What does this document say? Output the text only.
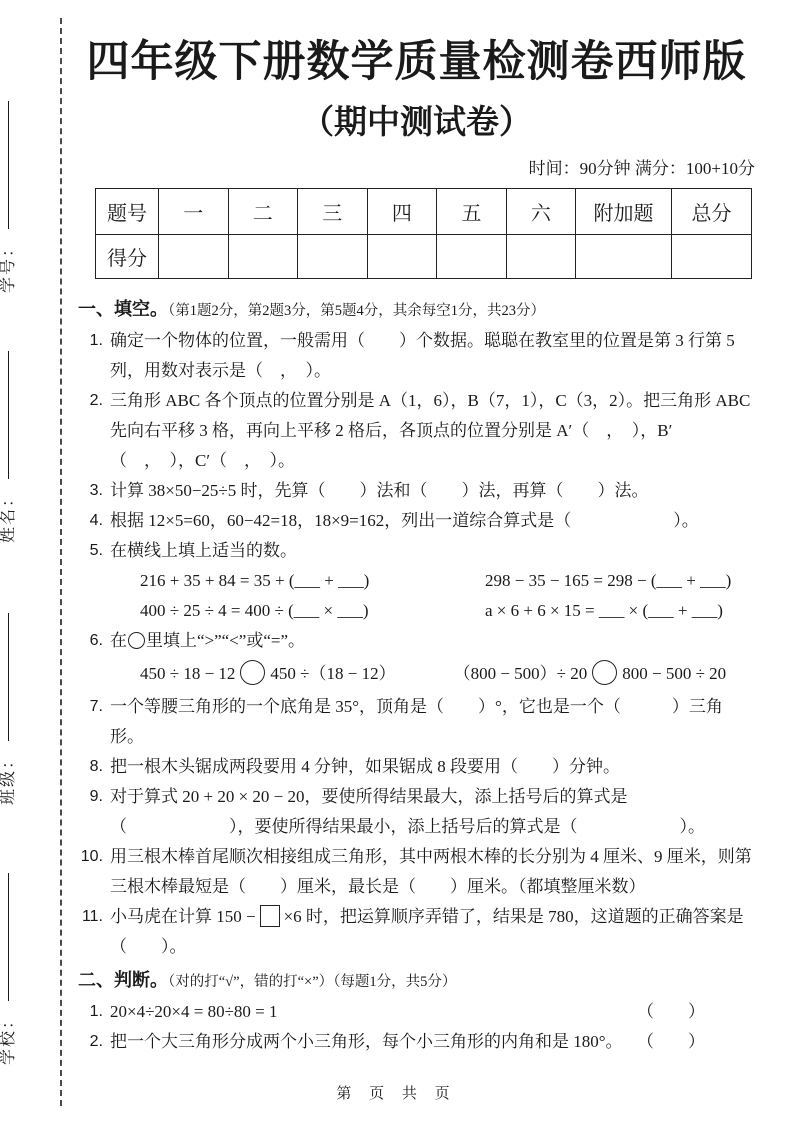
学号：
姓名：
班级：
学校：
四年级下册数学质量检测卷西师版
（期中测试卷）
时间：90分钟 满分：100+10分
题号	一	二	三	四	五	六	附加题	总分
得分								
一、填空。（第1题2分，第2题3分，第5题4分，其余每空1分，共23分）
1. 确定一个物体的位置，一般需用（　　）个数据。聪聪在教室里的位置是第 3 行第 5 列，用数对表示是（　，　）。
2. 三角形 ABC 各个顶点的位置分别是 A（1，6），B（7，1），C（3，2）。把三角形 ABC 先向右平移 3 格，再向上平移 2 格后，各顶点的位置分别是 A′（　，　），B′（　，　），C′（　，　）。
3. 计算 38×50−25÷5 时，先算（　　）法和（　　）法，再算（　　）法。
4. 根据 12×5=60，60−42=18，18×9=162，列出一道综合算式是（　　　　　　）。
5. 在横线上填上适当的数。
216 + 35 + 84 = 35 + (___ + ___)	298 − 35 − 165 = 298 − (___ + ___)
400 ÷ 25 ÷ 4 = 400 ÷ (___ × ___)	a × 6 + 6 × 15 = ___ × (___ + ___)
6. 在 里填上“>”“<”或“=”。
450 ÷ 18 − 12 450 ÷（18 − 12）	（800 − 500）÷ 20 800 − 500 ÷ 20
7. 一个等腰三角形的一个底角是 35°，顶角是（　　）°，它也是一个（　　　）三角形。
8. 把一根木头锯成两段要用 4 分钟，如果锯成 8 段要用（　　）分钟。
9. 对于算式 20 + 20 × 20 − 20，要使所得结果最大，添上括号后的算式是（　　　　　　），要使所得结果最小，添上括号后的算式是（　　　　　　）。
10. 用三根木棒首尾顺次相接组成三角形，其中两根木棒的长分别为 4 厘米、9 厘米，则第三根木棒最短是（　　）厘米，最长是（　　）厘米。（都填整厘米数）
11. 小马虎在计算 150 − ×6 时，把运算顺序弄错了，结果是 780，这道题的正确答案是（　　）。
二、判断。（对的打“√”，错的打“×”）（每题1分，共5分）
1. 20×4÷20×4 = 80÷80 = 1	（　　）
2. 把一个大三角形分成两个小三角形，每个小三角形的内角和是 180°。 （　　）
第 页 共 页
